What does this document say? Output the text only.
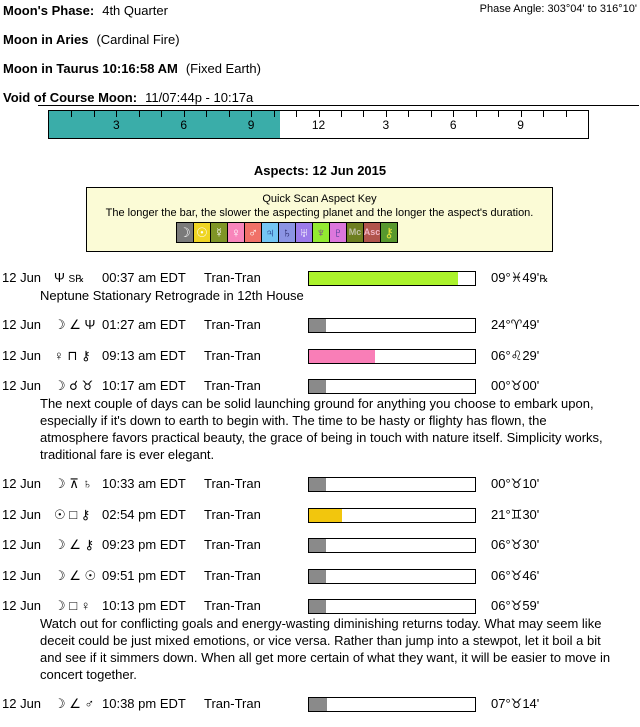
Moon's Phase: 4th Quarter	Phase Angle: 303°04' to 316°10'
Moon in Aries (Cardinal Fire)
Moon in Taurus 10:16:58 AM (Fixed Earth)
Void of Course Moon: 11/07:44p - 10:17a
3	6	9	12	3	6	9
Aspects: 12 Jun 2015
Quick Scan Aspect Key
The longer the bar, the slower the aspecting planet and the longer the aspect's duration.
☽ ☉ ☿ ♀ ♂ ♃ ♄ ♅ ♆ ♇ Mc Asc ⚷
12 Jun Ψ S℞	00:37 am EDT	Tran-Tran	09°♓49'℞
Neptune Stationary Retrograde in 12th House
12 Jun ☽ ∠ Ψ 01:27 am EDT	Tran-Tran	24°♈49'
12 Jun ♀ ⊓ ⚷ 09:13 am EDT	Tran-Tran	06°♌29'
12 Jun ☽ ☌ ♉ 10:17 am EDT	Tran-Tran	00°♉00'
The next couple of days can be solid launching ground for anything you choose to embark upon, especially if it's down to earth to begin with. The time to be hasty or flighty has flown, the atmosphere favors practical beauty, the grace of being in touch with nature itself. Simplicity works, traditional fare is ever elegant.
12 Jun ☽ ⊼ ♄ 10:33 am EDT	Tran-Tran	00°♉10'
12 Jun ☉ □ ⚷ 02:54 pm EDT	Tran-Tran	21°♊30'
12 Jun ☽ ∠ ⚷ 09:23 pm EDT	Tran-Tran	06°♉30'
12 Jun ☽ ∠ ☉ 09:51 pm EDT	Tran-Tran	06°♉46'
12 Jun ☽ □ ♀ 10:13 pm EDT	Tran-Tran	06°♉59'
Watch out for conflicting goals and energy-wasting diminishing returns today. What may seem like deceit could be just mixed emotions, or vice versa. Rather than jump into a stewpot, let it boil a bit and see if it simmers down. When all get more certain of what they want, it will be easier to move in concert together.
12 Jun ☽ ∠ ♂ 10:38 pm EDT	Tran-Tran	07°♉14'
